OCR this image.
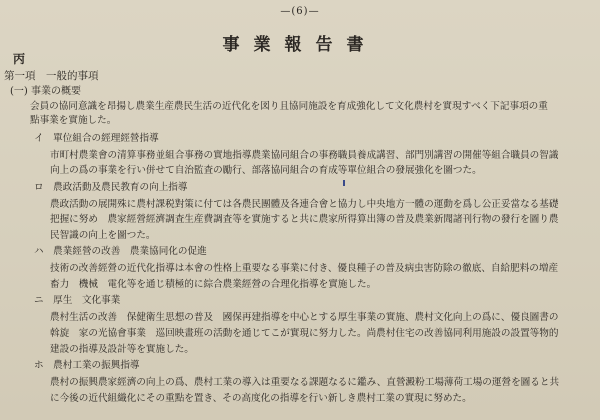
—(6)—
事業報告書
丙
第一項　一般的事項
(一) 事業の概要
会員の協同意識を昂揚し農業生産農民生活の近代化を図り且協同施設を育成強化して文化農村を實現すべく下記事項の重
點事業を實施した。
イ　單位組合の經理經營指導
市町村農業會の清算事務並組合事務の實地指導農業協同組合の事務職員養成講習、部門別講習の開催等組合職員の智識
向上の爲の事業を行い併せて自治監査の勵行、部落協同組合の育成等單位組合の發展強化を圖つた。
ロ　農政活動及農民教育の向上指導
農政活動の展開殊に農村課税對策に付ては各農民團體及各連合會と協力し中央地方一體の運動を爲し公正妥當なる基礎
把握に努め　農家經營經濟調査生産費調査等を實施すると共に農家所得算出簿の普及農業新聞諸刊行物の發行を圖り農
民智識の向上を圖つた。
ハ　農業經營の改善　農業協同化の促進
技術の改善經營の近代化指導は本會の性格上重要なる事業に付き、優良種子の普及病虫害防除の徹底、自給肥料の増産
畜力　機械　電化等を通じ積極的に綜合農業經營の合理化指導を實施した。
ニ　厚生　文化事業
農村生活の改善　保健衛生思想の普及　國保再建指導を中心とする厚生事業の實施、農村文化向上の爲に、優良圖書の
斡旋　家の光協會事業　巡回映畫班の活動を通じてこが實現に努力した。尚農村住宅の改善協同利用施設の設置等物的
建設の指導及設計等を實施した。
ホ　農村工業の振興指導
農村の振興農家經濟の向上の爲、農村工業の導入は重要なる課題なるに鑑み、直營澱粉工場薄荷工場の運營を圖ると共
に今後の近代組織化にその重點を置き、その高度化の指導を行い新しき農村工業の實現に努めた。
